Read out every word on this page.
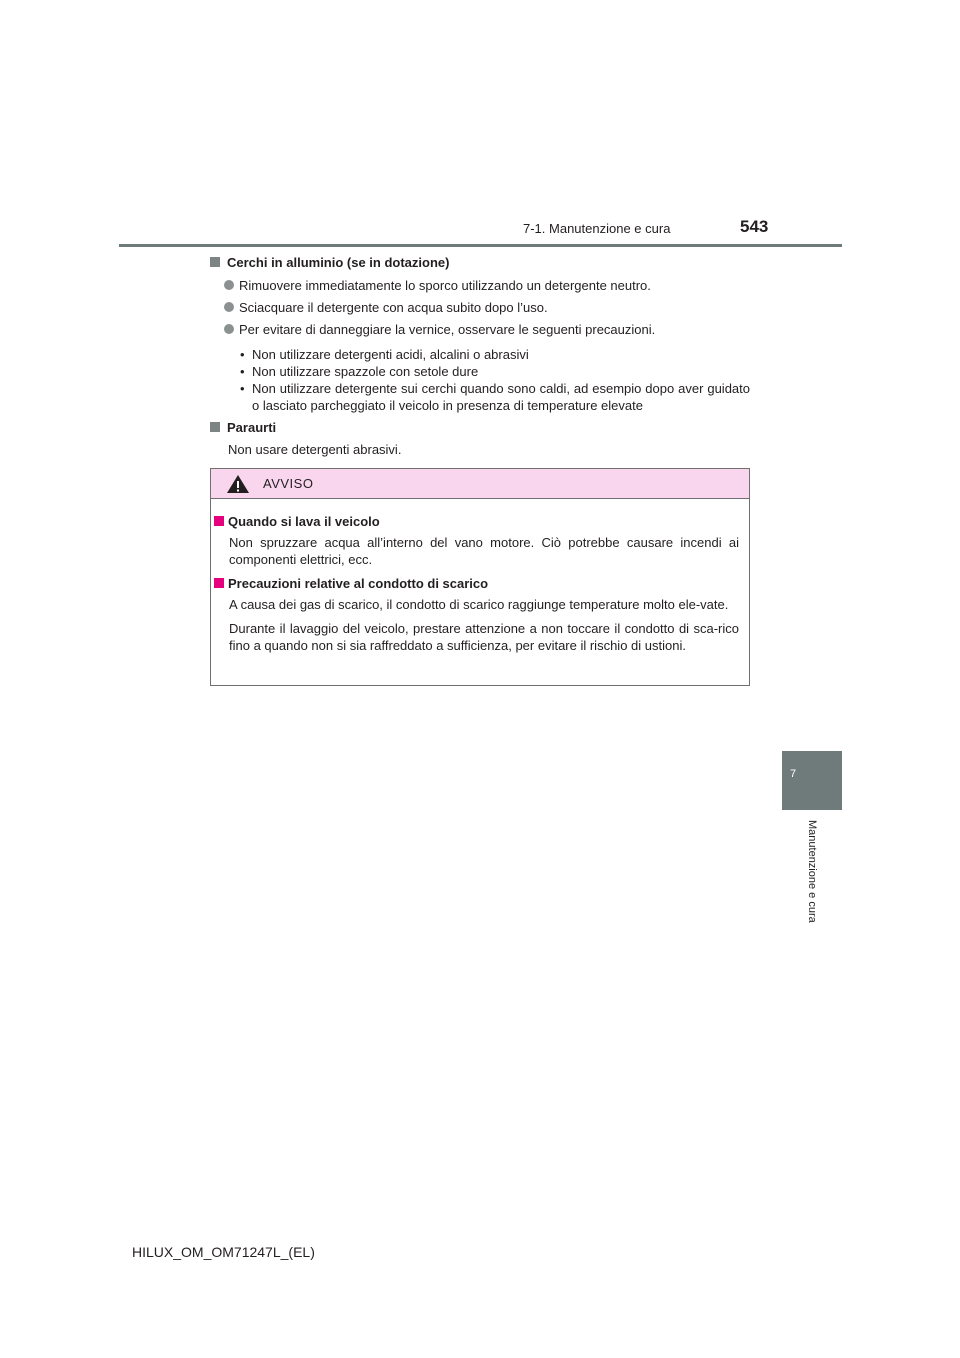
7-1. Manutenzione e cura	543
7
Manutenzione e cura

Cerchi in alluminio (se in dotazione)

Rimuovere immediatamente lo sporco utilizzando un detergente neutro.

Sciacquare il detergente con acqua subito dopo l’uso.

Per evitare di danneggiare la vernice, osservare le seguenti precauzioni.

• Non utilizzare detergenti acidi, alcalini o abrasivi
• Non utilizzare spazzole con setole dure
• Non utilizzare detergente sui cerchi quando sono caldi, ad esempio dopo aver guidato o lasciato parcheggiato il veicolo in presenza di temperature elevate

Paraurti

Non usare detergenti abrasivi.

AVVISO

Quando si lava il veicolo

Non spruzzare acqua all’interno del vano motore. Ciò potrebbe causare incendi ai componenti elettrici, ecc.

Precauzioni relative al condotto di scarico

A causa dei gas di scarico, il condotto di scarico raggiunge temperature molto ele-vate.

Durante il lavaggio del veicolo, prestare attenzione a non toccare il condotto di sca-rico fino a quando non si sia raffreddato a sufficienza, per evitare il rischio di ustioni.

HILUX_OM_OM71247L_(EL)
